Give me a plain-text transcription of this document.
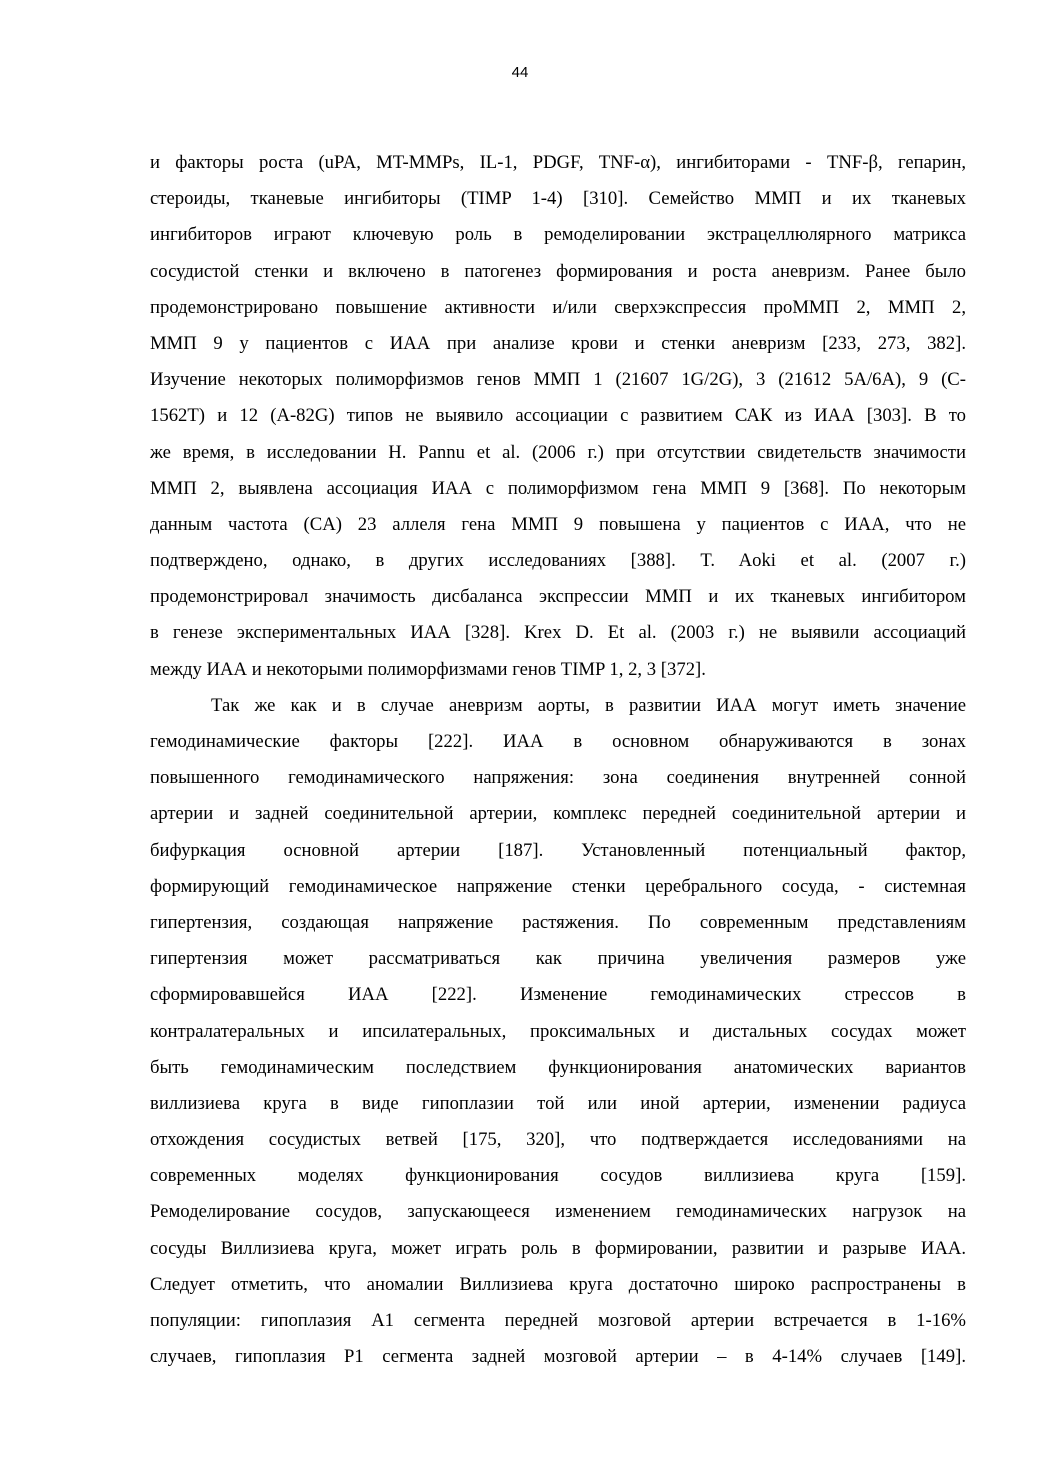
44
и факторы роста (uPA, MT-MMPs, IL-1, PDGF, TNF-α), ингибиторами - TNF-β, гепарин,
стероиды, тканевые ингибиторы (TIMP 1-4) [310]. Семейство ММП и их тканевых
ингибиторов играют ключевую роль в ремоделировании экстрацеллюлярного матрикса
сосудистой стенки и включено в патогенез формирования и роста аневризм. Ранее было
продемонстрировано повышение активности и/или сверхэкспрессия проММП 2, ММП 2,
ММП 9 у пациентов с ИАА при анализе крови и стенки аневризм [233, 273, 382].
Изучение некоторых полиморфизмов генов ММП 1 (21607 1G/2G), 3 (21612 5A/6A), 9 (C-
1562T) и 12 (A-82G) типов не выявило ассоциации с развитием САК из ИАА [303]. В то
же время, в исследовании H. Pannu et al. (2006 г.) при отсутствии свидетельств значимости
ММП 2, выявлена ассоциация ИАА с полиморфизмом гена ММП 9 [368]. По некоторым
данным частота (CA) 23 аллеля гена ММП 9 повышена у пациентов с ИАА, что не
подтверждено, однако, в других исследованиях [388]. T. Aoki et al. (2007 г.)
продемонстрировал значимость дисбаланса экспрессии ММП и их тканевых ингибитором
в генезе экспериментальных ИАА [328]. Krex D. Et al. (2003 г.) не выявили ассоциаций
между ИАА и некоторыми полиморфизмами генов TIMP 1, 2, 3 [372].
Так же как и в случае аневризм аорты, в развитии ИАА могут иметь значение
гемодинамические факторы [222]. ИАА в основном обнаруживаются в зонах
повышенного гемодинамического напряжения: зона соединения внутренней сонной
артерии и задней соединительной артерии, комплекс передней соединительной артерии и
бифуркация основной артерии [187]. Установленный потенциальный фактор,
формирующий гемодинамическое напряжение стенки церебрального сосуда, - системная
гипертензия, создающая напряжение растяжения. По современным представлениям
гипертензия может рассматриваться как причина увеличения размеров уже
сформировавшейся ИАА [222]. Изменение гемодинамических стрессов в
контралатеральных и ипсилатеральных, проксимальных и дистальных сосудах может
быть гемодинамическим последствием функционирования анатомических вариантов
виллизиева круга в виде гипоплазии той или иной артерии, изменении радиуса
отхождения сосудистых ветвей [175, 320], что подтверждается исследованиями на
современных моделях функционирования сосудов виллизиева круга [159].
Ремоделирование сосудов, запускающееся изменением гемодинамических нагрузок на
сосуды Виллизиева круга, может играть роль в формировании, развитии и разрыве ИАА.
Следует отметить, что аномалии Виллизиева круга достаточно широко распространены в
популяции: гипоплазия А1 сегмента передней мозговой артерии встречается в 1-16%
случаев, гипоплазия Р1 сегмента задней мозговой артерии – в 4-14% случаев [149].
